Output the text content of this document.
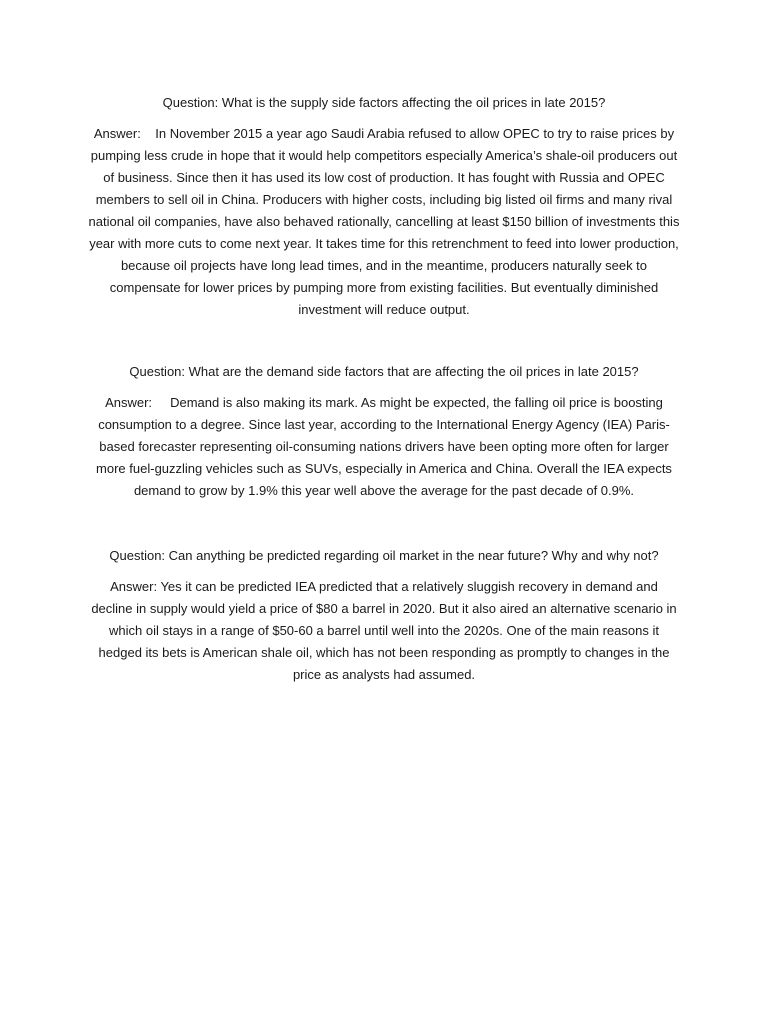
Question: What is the supply side factors affecting the oil prices in late 2015?

Answer:    In November 2015 a year ago Saudi Arabia refused to allow OPEC to try to raise prices by pumping less crude in hope that it would help competitors especially America’s shale-oil producers out of business. Since then it has used its low cost of production. It has fought with Russia and OPEC members to sell oil in China. Producers with higher costs, including big listed oil firms and many rival national oil companies, have also behaved rationally, cancelling at least $150 billion of investments this year with more cuts to come next year. It takes time for this retrenchment to feed into lower production, because oil projects have long lead times, and in the meantime, producers naturally seek to compensate for lower prices by pumping more from existing facilities. But eventually diminished investment will reduce output.

Question: What are the demand side factors that are affecting the oil prices in late 2015?

Answer:     Demand is also making its mark. As might be expected, the falling oil price is boosting consumption to a degree. Since last year, according to the International Energy Agency (IEA) Paris-based forecaster representing oil-consuming nations drivers have been opting more often for larger more fuel-guzzling vehicles such as SUVs, especially in America and China. Overall the IEA expects demand to grow by 1.9% this year well above the average for the past decade of 0.9%.

Question: Can anything be predicted regarding oil market in the near future? Why and why not?

Answer: Yes it can be predicted IEA predicted that a relatively sluggish recovery in demand and decline in supply would yield a price of $80 a barrel in 2020. But it also aired an alternative scenario in which oil stays in a range of $50-60 a barrel until well into the 2020s. One of the main reasons it hedged its bets is American shale oil, which has not been responding as promptly to changes in the price as analysts had assumed.
